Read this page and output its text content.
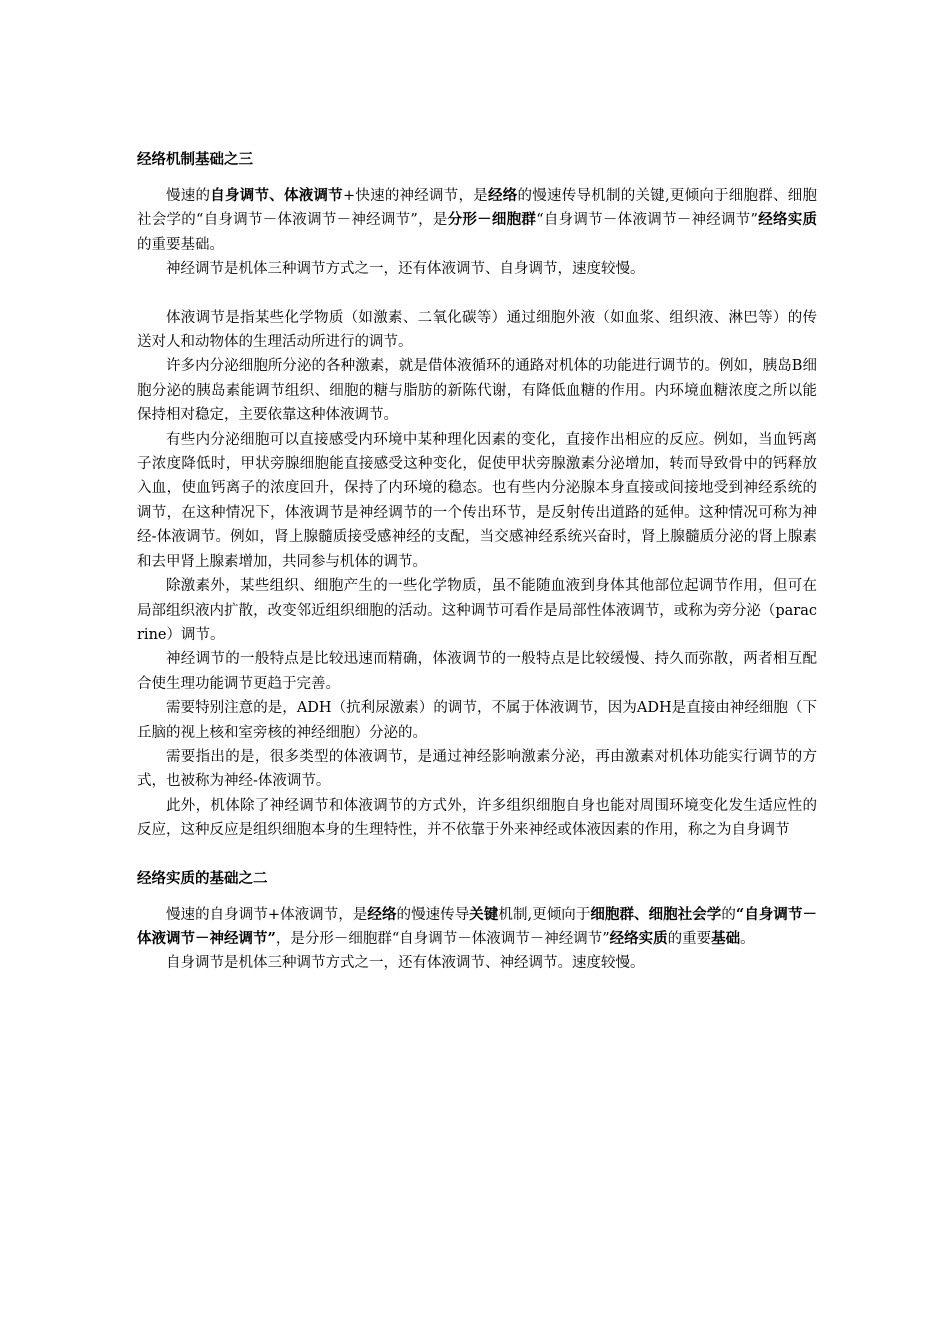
经络机制基础之三

慢速的自身调节、体液调节+快速的神经调节，是经络的慢速传导机制的关键,更倾向于细胞群、细胞社会学的“自身调节－体液调节－神经调节”，是分形－细胞群“自身调节－体液调节－神经调节”经络实质的重要基础。

神经调节是机体三种调节方式之一，还有体液调节、自身调节，速度较慢。

体液调节是指某些化学物质（如激素、二氧化碳等）通过细胞外液（如血浆、组织液、淋巴等）的传送对人和动物体的生理活动所进行的调节。

许多内分泌细胞所分泌的各种激素，就是借体液循环的通路对机体的功能进行调节的。例如，胰岛B细胞分泌的胰岛素能调节组织、细胞的糖与脂肪的新陈代谢，有降低血糖的作用。内环境血糖浓度之所以能保持相对稳定，主要依靠这种体液调节。

有些内分泌细胞可以直接感受内环境中某种理化因素的变化，直接作出相应的反应。例如，当血钙离子浓度降低时，甲状旁腺细胞能直接感受这种变化，促使甲状旁腺激素分泌增加，转而导致骨中的钙释放入血，使血钙离子的浓度回升，保持了内环境的稳态。也有些内分泌腺本身直接或间接地受到神经系统的调节，在这种情况下，体液调节是神经调节的一个传出环节，是反射传出道路的延伸。这种情况可称为神经-体液调节。例如，肾上腺髓质接受感神经的支配，当交感神经系统兴奋时，肾上腺髓质分泌的肾上腺素和去甲肾上腺素增加，共同参与机体的调节。

除激素外，某些组织、细胞产生的一些化学物质，虽不能随血液到身体其他部位起调节作用，但可在局部组织液内扩散，改变邻近组织细胞的活动。这种调节可看作是局部性体液调节，或称为旁分泌（paracrine）调节。

神经调节的一般特点是比较迅速而精确，体液调节的一般特点是比较缓慢、持久而弥散，两者相互配合使生理功能调节更趋于完善。

需要特别注意的是，ADH（抗利尿激素）的调节，不属于体液调节，因为ADH是直接由神经细胞（下丘脑的视上核和室旁核的神经细胞）分泌的。

需要指出的是，很多类型的体液调节，是通过神经影响激素分泌，再由激素对机体功能实行调节的方式，也被称为神经-体液调节。

此外，机体除了神经调节和体液调节的方式外，许多组织细胞自身也能对周围环境变化发生适应性的反应，这种反应是组织细胞本身的生理特性，并不依靠于外来神经或体液因素的作用，称之为自身调节

经络实质的基础之二

慢速的自身调节+体液调节，是经络的慢速传导关键机制,更倾向于细胞群、细胞社会学的“自身调节－体液调节－神经调节”，是分形－细胞群“自身调节－体液调节－神经调节”经络实质的重要基础。

自身调节是机体三种调节方式之一，还有体液调节、神经调节。速度较慢。
